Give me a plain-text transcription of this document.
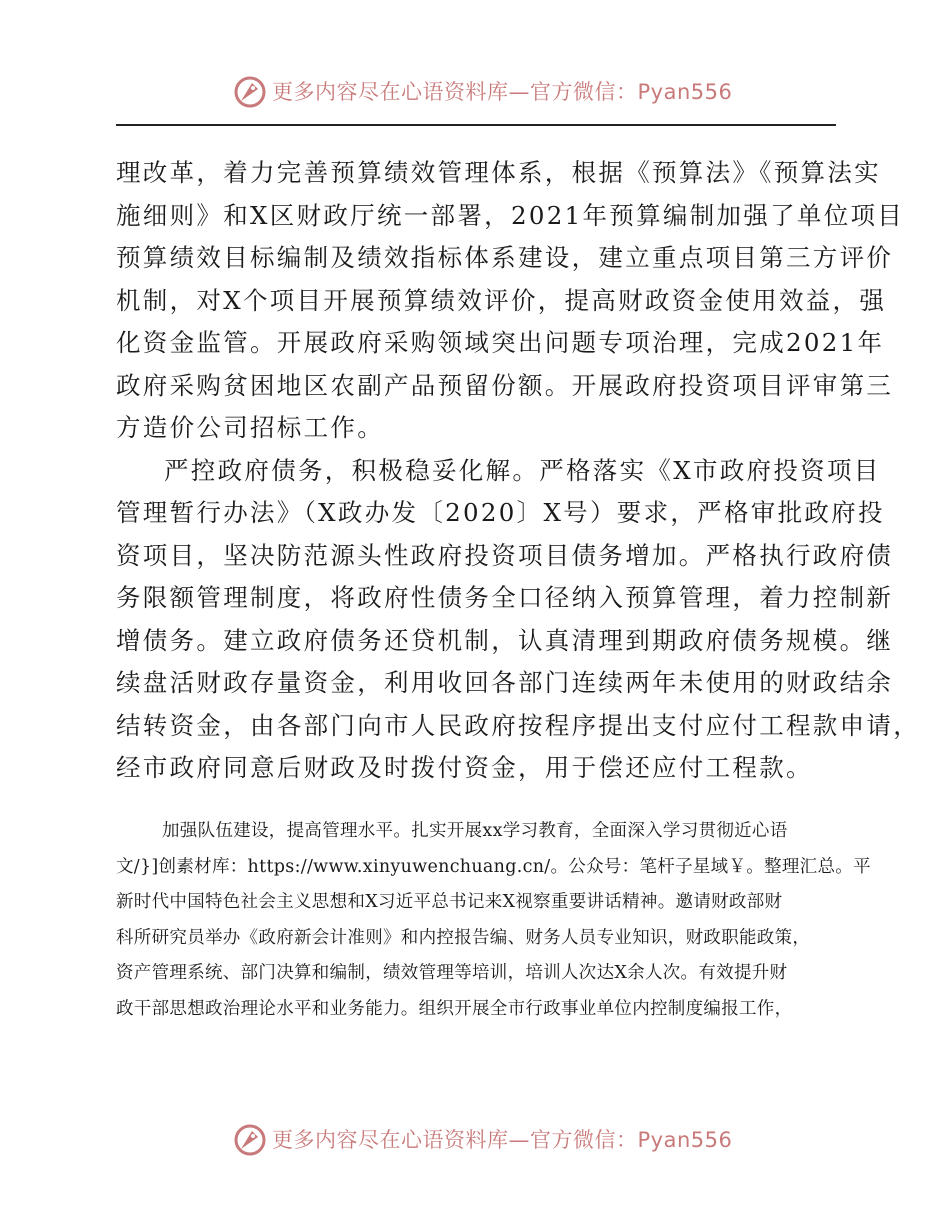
更多内容尽在心语资料库—官方微信：Pyan556

理改革，着力完善预算绩效管理体系，根据《预算法》《预算法实

施细则》和X区财政厅统一部署，2021年预算编制加强了单位项目

预算绩效目标编制及绩效指标体系建设，建立重点项目第三方评价

机制，对X个项目开展预算绩效评价，提高财政资金使用效益，强

化资金监管。开展政府采购领域突出问题专项治理，完成2021年

政府采购贫困地区农副产品预留份额。开展政府投资项目评审第三

方造价公司招标工作。

严控政府债务，积极稳妥化解。严格落实《X市政府投资项目

管理暂行办法》（X政办发〔2020〕X号）要求，严格审批政府投

资项目，坚决防范源头性政府投资项目债务增加。严格执行政府债

务限额管理制度，将政府性债务全口径纳入预算管理，着力控制新

增债务。建立政府债务还贷机制，认真清理到期政府债务规模。继

续盘活财政存量资金，利用收回各部门连续两年未使用的财政结余

结转资金，由各部门向市人民政府按程序提出支付应付工程款申请，

经市政府同意后财政及时拨付资金，用于偿还应付工程款。

加强队伍建设，提高管理水平。扎实开展xx学习教育，全面深入学习贯彻近心语

文/}]创素材库：https://www.xinyuwenchuang.cn/。公众号：笔杆子星域￥。整理汇总。平

新时代中国特色社会主义思想和X习近平总书记来X视察重要讲话精神。邀请财政部财

科所研究员举办《政府新会计准则》和内控报告编、财务人员专业知识，财政职能政策，

资产管理系统、部门决算和编制，绩效管理等培训，培训人次达X余人次。有效提升财

政干部思想政治理论水平和业务能力。组织开展全市行政事业单位内控制度编报工作，

更多内容尽在心语资料库—官方微信：Pyan556
